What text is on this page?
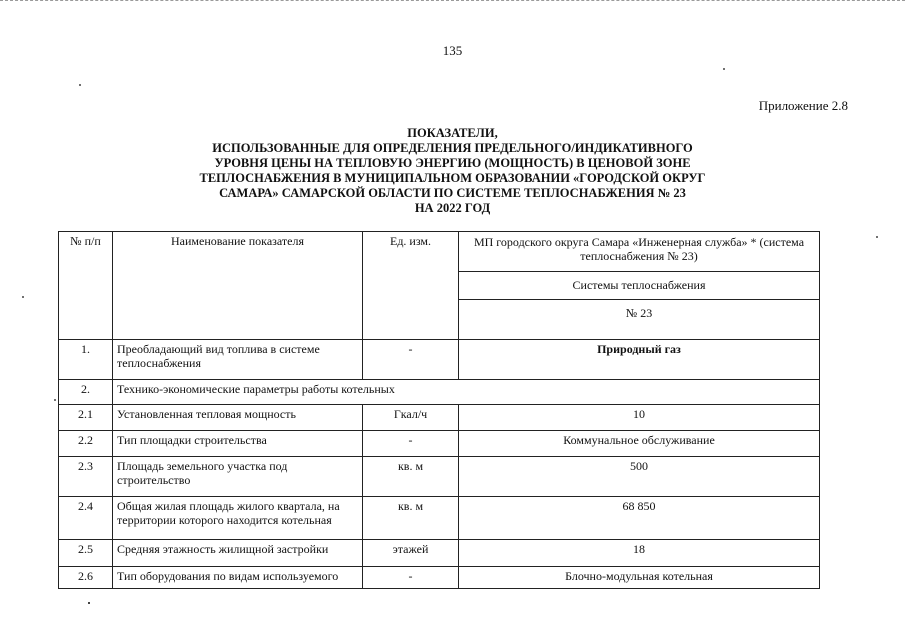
135
Приложение 2.8
ПОКАЗАТЕЛИ,
ИСПОЛЬЗОВАННЫЕ ДЛЯ ОПРЕДЕЛЕНИЯ ПРЕДЕЛЬНОГО/ИНДИКАТИВНОГО
УРОВНЯ ЦЕНЫ НА ТЕПЛОВУЮ ЭНЕРГИЮ (МОЩНОСТЬ) В ЦЕНОВОЙ ЗОНЕ
ТЕПЛОСНАБЖЕНИЯ В МУНИЦИПАЛЬНОМ ОБРАЗОВАНИИ «ГОРОДСКОЙ ОКРУГ
САМАРА» САМАРСКОЙ ОБЛАСТИ ПО СИСТЕМЕ ТЕПЛОСНАБЖЕНИЯ № 23
НА 2022 ГОД
№ п/п	Наименование показателя	Ед. изм.	МП городского округа Самара «Инженерная служба» * (система теплоснабжения № 23)
			Системы теплоснабжения
			№ 23
1.	Преобладающий вид топлива в системе теплоснабжения	-	Природный газ
2.	Технико-экономические параметры работы котельных		
2.1	Установленная тепловая мощность	Гкал/ч	10
2.2	Тип площадки строительства	-	Коммунальное обслуживание
2.3	Площадь земельного участка под строительство	кв. м	500
2.4	Общая жилая площадь жилого квартала, на территории которого находится котельная	кв. м	68 850
2.5	Средняя этажность жилищной застройки	этажей	18
2.6	Тип оборудования по видам используемого	-	Блочно-модульная котельная
